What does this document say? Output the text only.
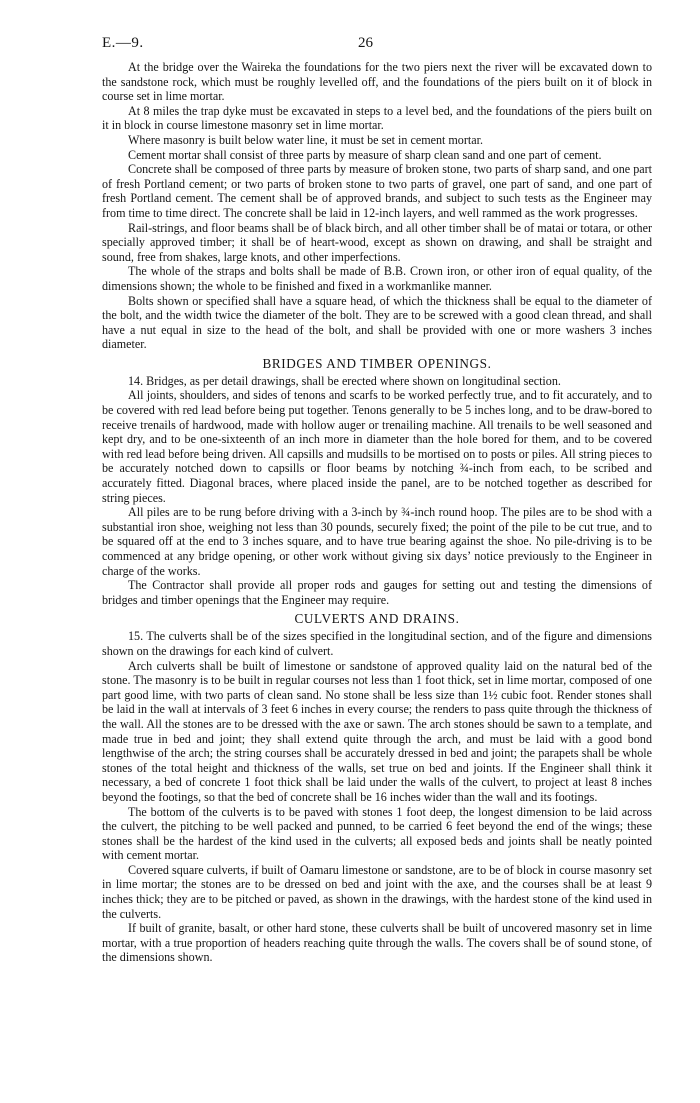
E.—9.	26

At the bridge over the Waireka the foundations for the two piers next the river will be excavated down to the sandstone rock, which must be roughly levelled off, and the foundations of the piers built on it of block in course set in lime mortar.

At 8 miles the trap dyke must be excavated in steps to a level bed, and the foundations of the piers built on it in block in course limestone masonry set in lime mortar.

Where masonry is built below water line, it must be set in cement mortar.

Cement mortar shall consist of three parts by measure of sharp clean sand and one part of cement.

Concrete shall be composed of three parts by measure of broken stone, two parts of sharp sand, and one part of fresh Portland cement; or two parts of broken stone to two parts of gravel, one part of sand, and one part of fresh Portland cement. The cement shall be of approved brands, and subject to such tests as the Engineer may from time to time direct. The concrete shall be laid in 12-inch layers, and well rammed as the work progresses.

Rail-strings, and floor beams shall be of black birch, and all other timber shall be of matai or totara, or other specially approved timber; it shall be of heart-wood, except as shown on drawing, and shall be straight and sound, free from shakes, large knots, and other imperfections.

The whole of the straps and bolts shall be made of B.B. Crown iron, or other iron of equal quality, of the dimensions shown; the whole to be finished and fixed in a workmanlike manner.

Bolts shown or specified shall have a square head, of which the thickness shall be equal to the diameter of the bolt, and the width twice the diameter of the bolt. They are to be screwed with a good clean thread, and shall have a nut equal in size to the head of the bolt, and shall be provided with one or more washers 3 inches diameter.

BRIDGES AND TIMBER OPENINGS.

14. Bridges, as per detail drawings, shall be erected where shown on longitudinal section.

All joints, shoulders, and sides of tenons and scarfs to be worked perfectly true, and to fit accurately, and to be covered with red lead before being put together. Tenons generally to be 5 inches long, and to be draw-bored to receive trenails of hardwood, made with hollow auger or trenailing machine. All trenails to be well seasoned and kept dry, and to be one-sixteenth of an inch more in diameter than the hole bored for them, and to be covered with red lead before being driven. All capsills and mudsills to be mortised on to posts or piles. All string pieces to be accurately notched down to capsills or floor beams by notching ¾-inch from each, to be scribed and accurately fitted. Diagonal braces, where placed inside the panel, are to be notched together as described for string pieces.

All piles are to be rung before driving with a 3-inch by ¾-inch round hoop. The piles are to be shod with a substantial iron shoe, weighing not less than 30 pounds, securely fixed; the point of the pile to be cut true, and to be squared off at the end to 3 inches square, and to have true bearing against the shoe. No pile-driving is to be commenced at any bridge opening, or other work without giving six days’ notice previously to the Engineer in charge of the works.

The Contractor shall provide all proper rods and gauges for setting out and testing the dimensions of bridges and timber openings that the Engineer may require.

CULVERTS AND DRAINS.

15. The culverts shall be of the sizes specified in the longitudinal section, and of the figure and dimensions shown on the drawings for each kind of culvert.

Arch culverts shall be built of limestone or sandstone of approved quality laid on the natural bed of the stone. The masonry is to be built in regular courses not less than 1 foot thick, set in lime mortar, composed of one part good lime, with two parts of clean sand. No stone shall be less size than 1½ cubic foot. Render stones shall be laid in the wall at intervals of 3 feet 6 inches in every course; the renders to pass quite through the thickness of the wall. All the stones are to be dressed with the axe or sawn. The arch stones should be sawn to a template, and made true in bed and joint; they shall extend quite through the arch, and must be laid with a good bond lengthwise of the arch; the string courses shall be accurately dressed in bed and joint; the parapets shall be whole stones of the total height and thickness of the walls, set true on bed and joints. If the Engineer shall think it necessary, a bed of concrete 1 foot thick shall be laid under the walls of the culvert, to project at least 8 inches beyond the footings, so that the bed of concrete shall be 16 inches wider than the wall and its footings.

The bottom of the culverts is to be paved with stones 1 foot deep, the longest dimension to be laid across the culvert, the pitching to be well packed and punned, to be carried 6 feet beyond the end of the wings; these stones shall be the hardest of the kind used in the culverts; all exposed beds and joints shall be neatly pointed with cement mortar.

Covered square culverts, if built of Oamaru limestone or sandstone, are to be of block in course masonry set in lime mortar; the stones are to be dressed on bed and joint with the axe, and the courses shall be at least 9 inches thick; they are to be pitched or paved, as shown in the drawings, with the hardest stone of the kind used in the culverts.

If built of granite, basalt, or other hard stone, these culverts shall be built of uncovered masonry set in lime mortar, with a true proportion of headers reaching quite through the walls. The covers shall be of sound stone, of the dimensions shown.
